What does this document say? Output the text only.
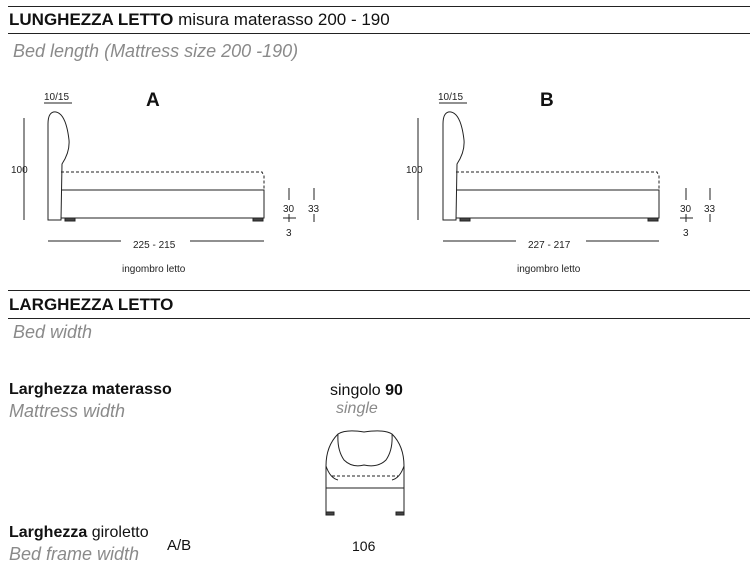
LUNGHEZZA LETTO misura materasso 200 - 190
Bed length (Mattress size 200 -190)
10/15	A
100
225 - 215
ingombro letto
30
3
33
10/15	B
100
227 - 217
ingombro letto
30
3
33
LARGHEZZA LETTO
Bed width
Larghezza materasso
Mattress width
singolo 90
single
Larghezza giroletto
Bed frame width A/B	106
